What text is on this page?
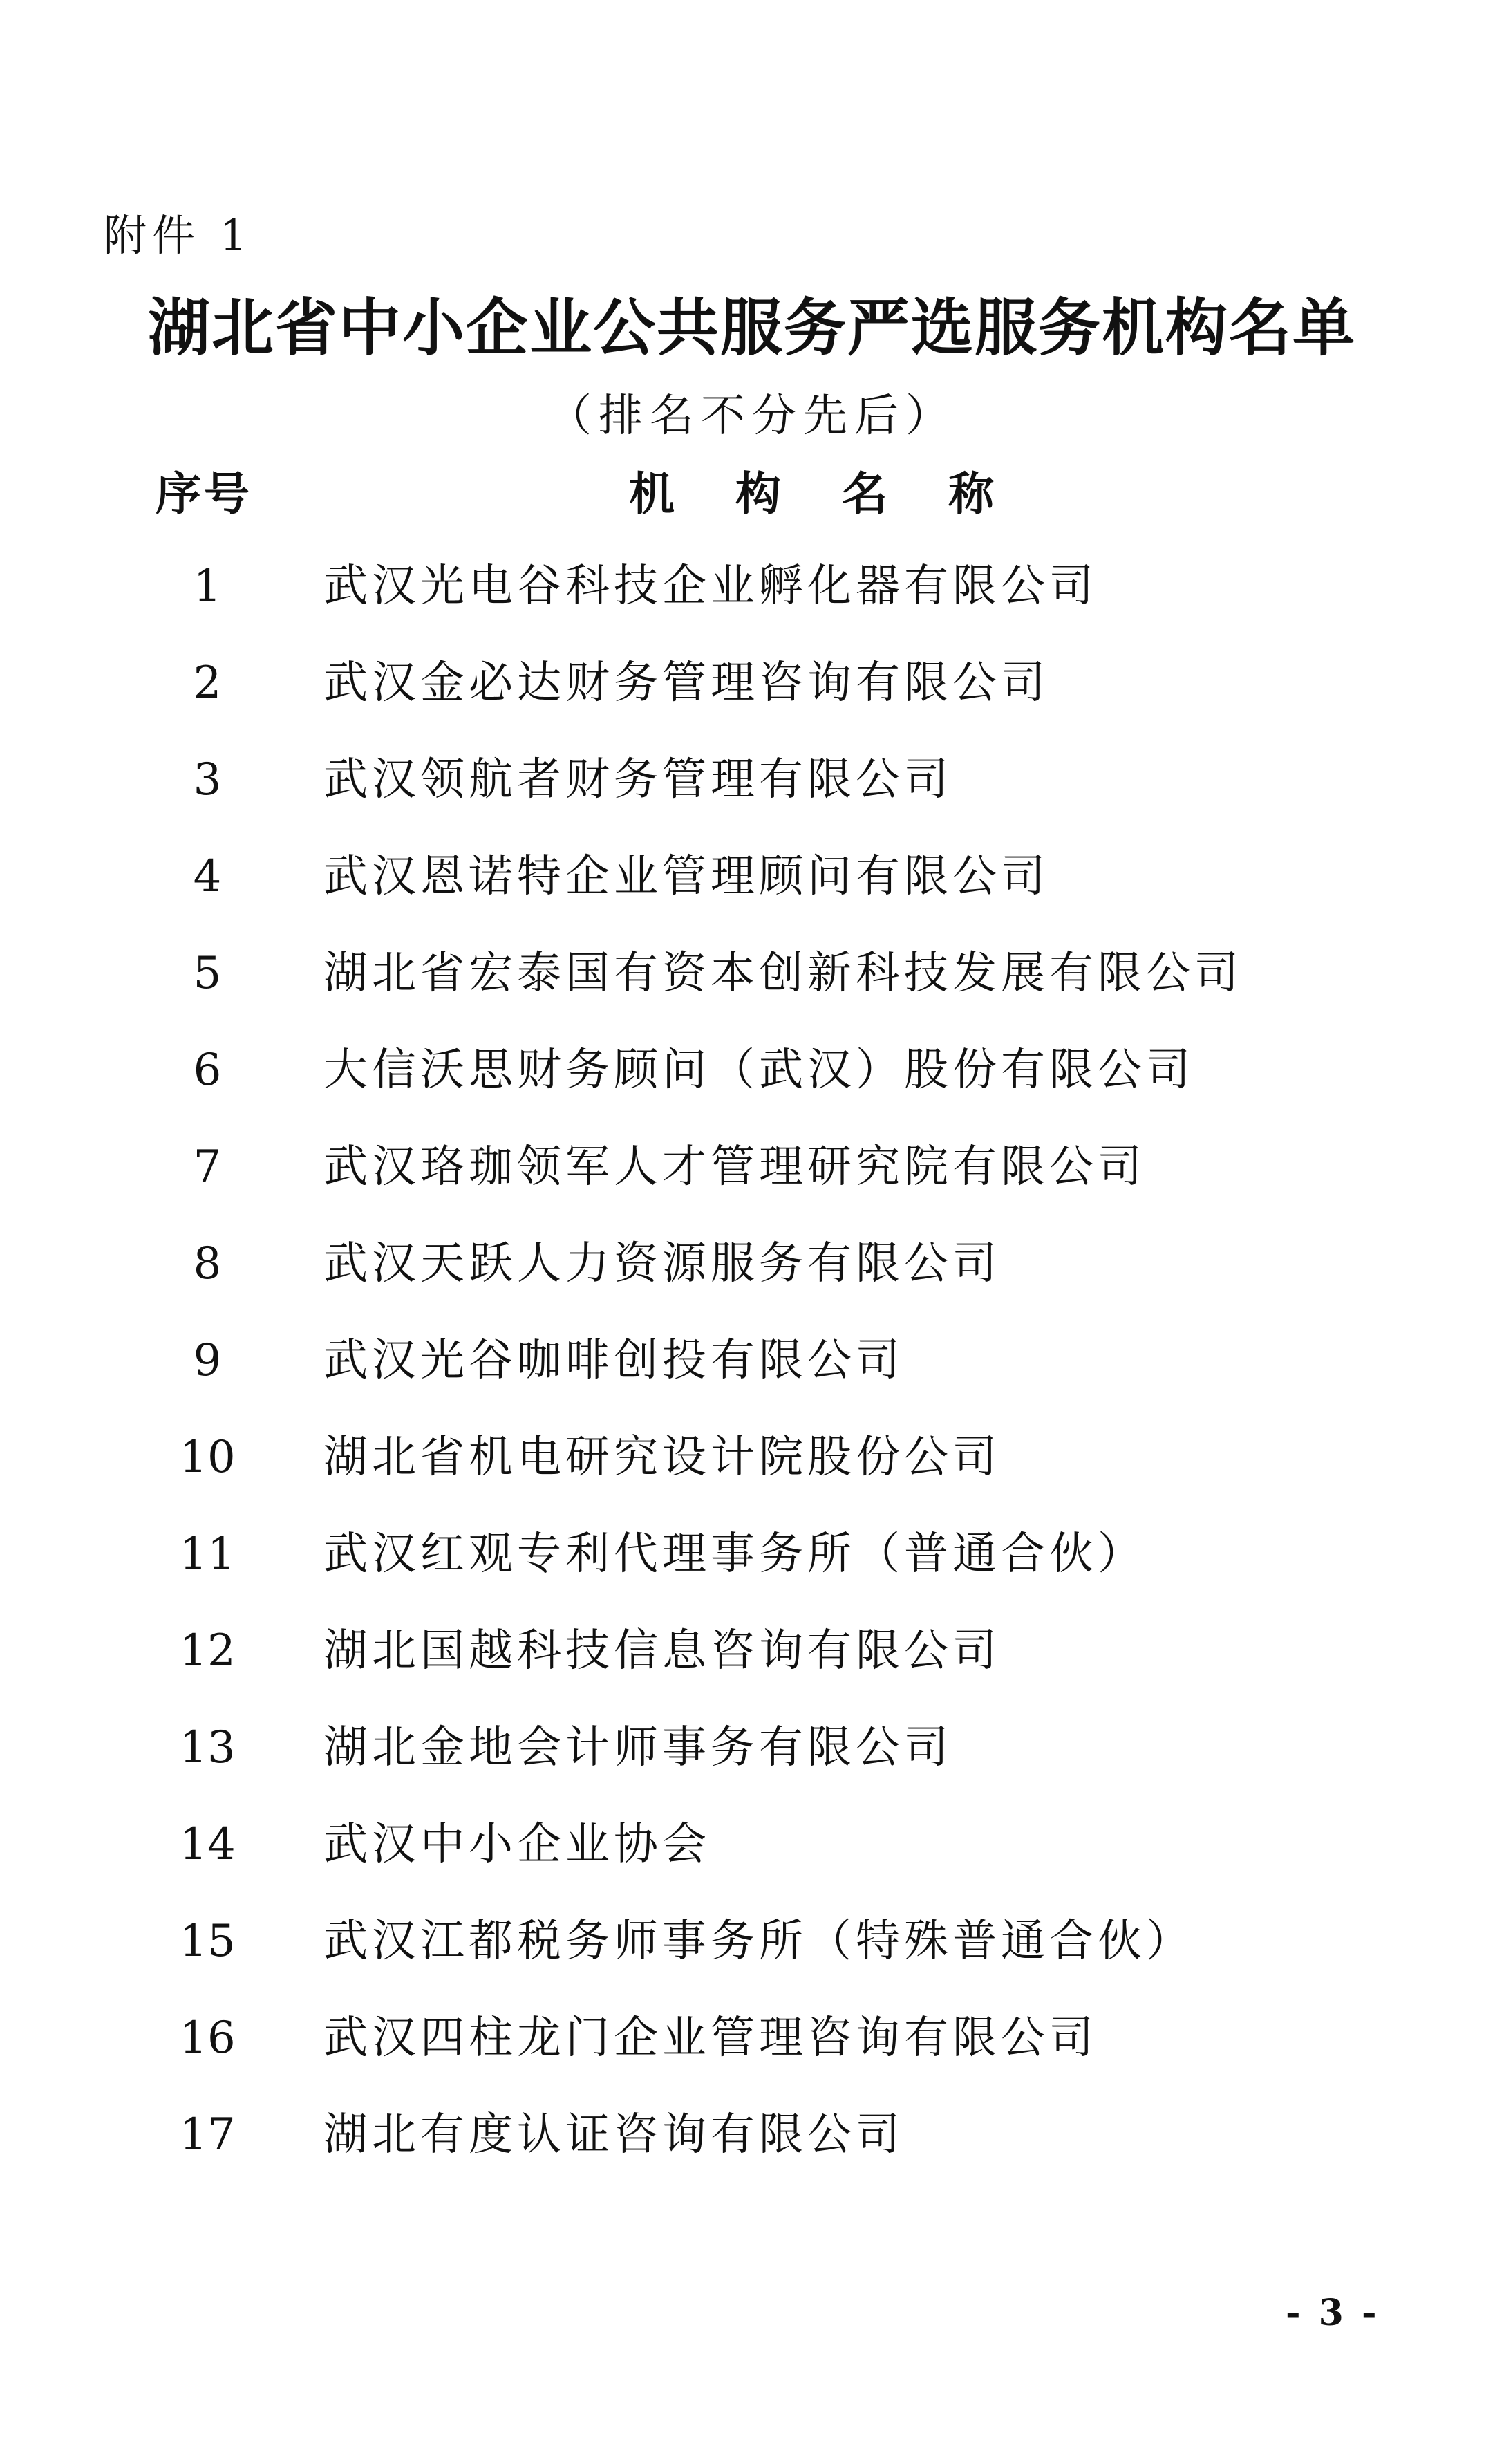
附件 1
湖北省中小企业公共服务严选服务机构名单
（排名不分先后）
序号	机构名称
1	武汉光电谷科技企业孵化器有限公司
2	武汉金必达财务管理咨询有限公司
3	武汉领航者财务管理有限公司
4	武汉恩诺特企业管理顾问有限公司
5	湖北省宏泰国有资本创新科技发展有限公司
6	大信沃思财务顾问（武汉）股份有限公司
7	武汉珞珈领军人才管理研究院有限公司
8	武汉天跃人力资源服务有限公司
9	武汉光谷咖啡创投有限公司
10	湖北省机电研究设计院股份公司
11	武汉红观专利代理事务所（普通合伙）
12	湖北国越科技信息咨询有限公司
13	湖北金地会计师事务有限公司
14	武汉中小企业协会
15	武汉江都税务师事务所（特殊普通合伙）
16	武汉四柱龙门企业管理咨询有限公司
17	湖北有度认证咨询有限公司
- 3 -
